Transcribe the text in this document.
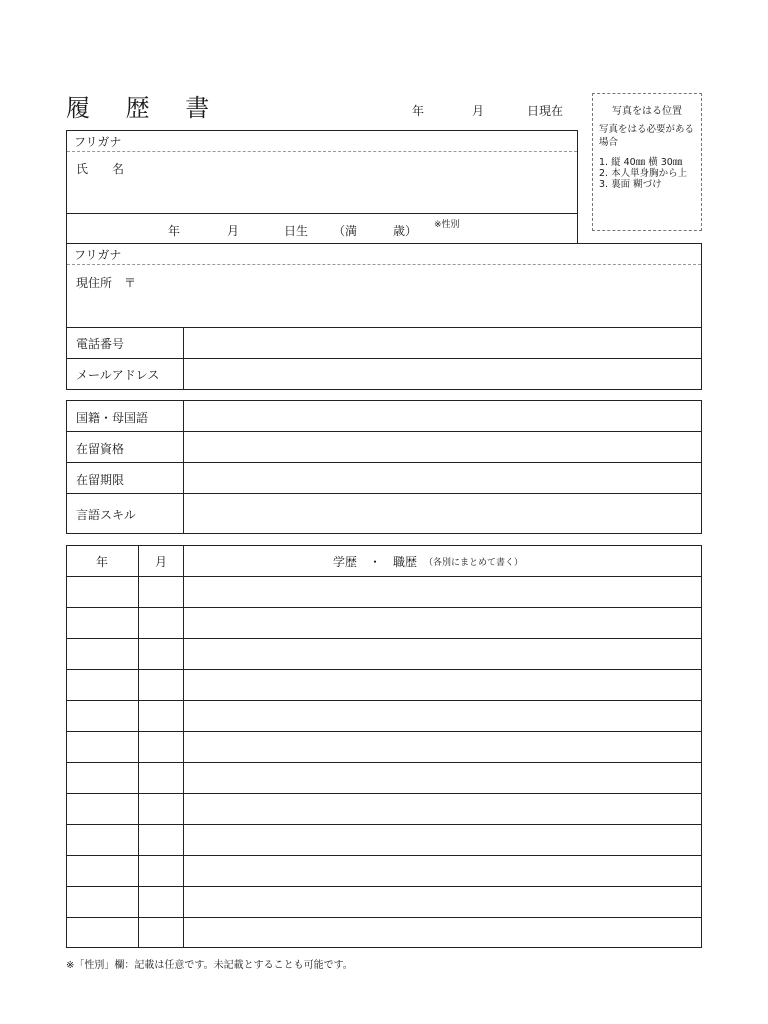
履 歴 書	年	月	日現在	写真をはる位置
写真をはる必要がある場合
1. 縦 40㎜ 横 30㎜
2. 本人単身胸から上
3. 裏面 糊づけ
フリガナ
氏　　名
年	月	日生 （満	歳） ※性別
フリガナ
現住所　〒
電話番号
メールアドレス
国籍・母国語
在留資格
在留期限
言語スキル
年	月	学歴　・　職歴 （各別にまとめて書く）
※「性別」欄：記載は任意です。未記載とすることも可能です。
